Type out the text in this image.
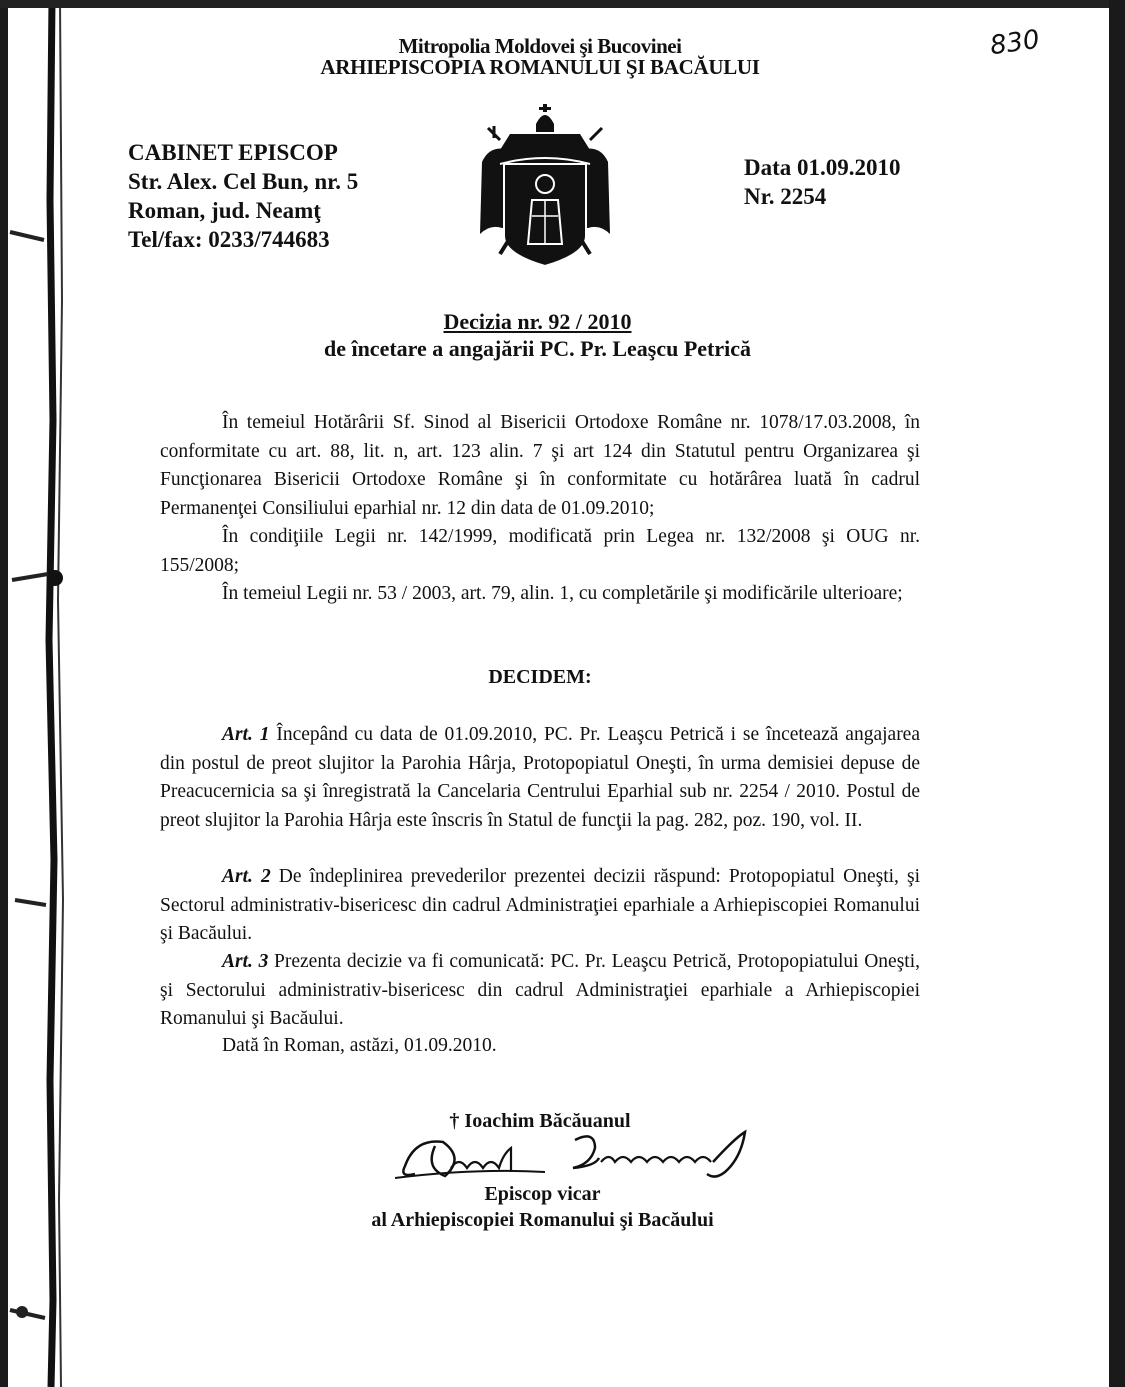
Mitropolia Moldovei şi Bucovinei
ARHIEPISCOPIA ROMANULUI ŞI BACĂULUI
830
CABINET EPISCOP
Str. Alex. Cel Bun, nr. 5
Roman, jud. Neamţ
Tel/fax: 0233/744683
Data 01.09.2010
Nr. 2254
Decizia nr. 92 / 2010
de încetare a angajării PC. Pr. Leaşcu Petrică
În temeiul Hotărârii Sf. Sinod al Bisericii Ortodoxe Române nr. 1078/17.03.2008, în conformitate cu art. 88, lit. n, art. 123 alin. 7 şi art 124 din Statutul pentru Organizarea şi Funcţionarea Bisericii Ortodoxe Române şi în conformitate cu hotărârea luată în cadrul Permanenţei Consiliului eparhial nr. 12 din data de 01.09.2010;
În condiţiile Legii nr. 142/1999, modificată prin Legea nr. 132/2008 şi OUG nr. 155/2008;
În temeiul Legii nr. 53 / 2003, art. 79, alin. 1, cu completările şi modificările ulterioare;
DECIDEM:
Art. 1 Începând cu data de 01.09.2010, PC. Pr. Leaşcu Petrică i se încetează angajarea din postul de preot slujitor la Parohia Hârja, Protopopiatul Oneşti, în urma demisiei depuse de Preacucernicia sa şi înregistrată la Cancelaria Centrului Eparhial sub nr. 2254 / 2010. Postul de preot slujitor la Parohia Hârja este înscris în Statul de funcţii la pag. 282, poz. 190, vol. II.
Art. 2 De îndeplinirea prevederilor prezentei decizii răspund: Protopopiatul Oneşti, şi Sectorul administrativ-bisericesc din cadrul Administraţiei eparhiale a Arhiepiscopiei Romanului şi Bacăului.
Art. 3 Prezenta decizie va fi comunicată: PC. Pr. Leaşcu Petrică, Protopopiatului Oneşti, şi Sectorului administrativ-bisericesc din cadrul Administraţiei eparhiale a Arhiepiscopiei Romanului şi Bacăului.
Dată în Roman, astăzi, 01.09.2010.
† Ioachim Băcăuanul
Episcop vicar
al Arhiepiscopiei Romanului şi Bacăului
